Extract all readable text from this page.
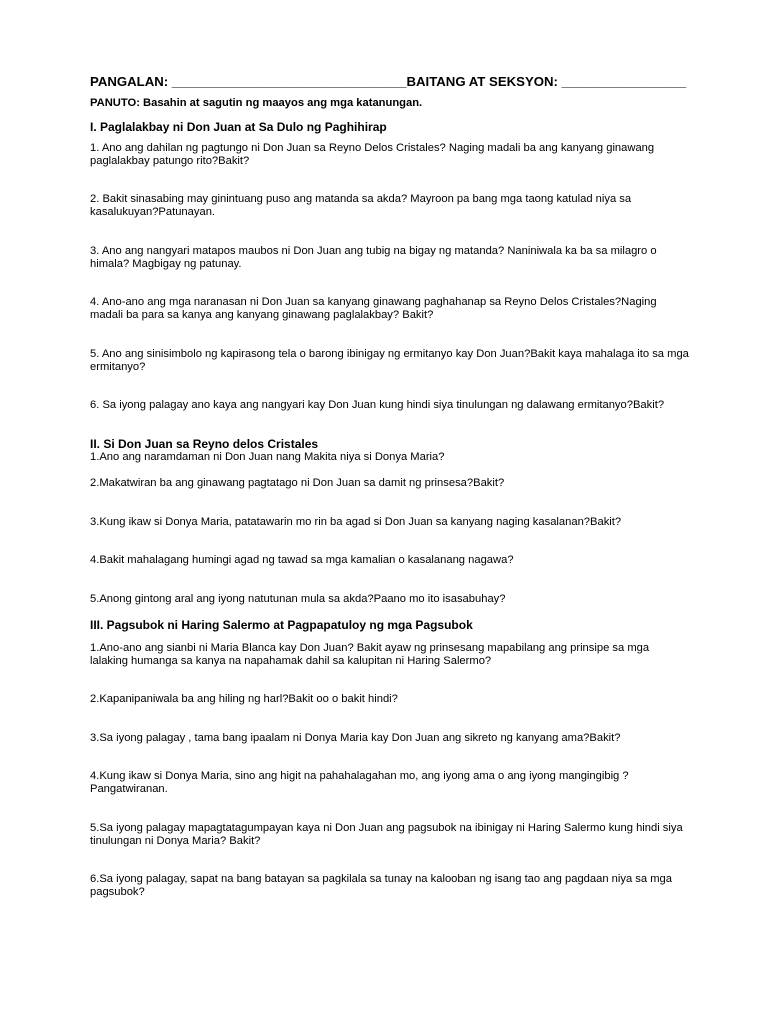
PANGALAN: ________________________________BAITANG AT SEKSYON: _________________
PANUTO: Basahin at sagutin ng maayos ang mga katanungan.
I. Paglalakbay ni Don Juan at Sa Dulo ng Paghihirap
1. Ano ang dahilan ng pagtungo ni Don Juan sa Reyno Delos Cristales? Naging madali ba ang kanyang ginawang paglalakbay patungo rito?Bakit?
2. Bakit sinasabing may ginintuang puso ang matanda sa akda? Mayroon pa bang mga taong katulad niya sa kasalukuyan?Patunayan.
3. Ano ang nangyari matapos maubos ni Don Juan ang tubig na bigay ng matanda? Naniniwala ka ba sa milagro o himala? Magbigay ng patunay.
4. Ano-ano ang mga naranasan ni Don Juan sa kanyang ginawang paghahanap sa Reyno Delos Cristales?Naging madali ba para sa kanya ang kanyang ginawang paglalakbay? Bakit?
5. Ano ang sinisimbolo ng kapirasong tela o barong ibinigay ng ermitanyo kay Don Juan?Bakit kaya mahalaga ito sa mga ermitanyo?
6. Sa iyong palagay ano kaya ang nangyari kay Don Juan kung hindi siya tinulungan ng dalawang ermitanyo?Bakit?
II. Si Don Juan sa Reyno delos Cristales
1.Ano ang naramdaman ni Don Juan nang Makita niya si Donya Maria?
2.Makatwiran ba ang ginawang pagtatago ni Don Juan sa damit ng prinsesa?Bakit?
3.Kung ikaw si Donya Maria, patatawarin mo rin ba agad si Don Juan sa kanyang naging kasalanan?Bakit?
4.Bakit mahalagang humingi agad ng tawad sa mga kamalian o kasalanang nagawa?
5.Anong gintong aral ang iyong natutunan mula sa akda?Paano mo ito isasabuhay?
III. Pagsubok ni Haring Salermo at Pagpapatuloy ng mga Pagsubok
1.Ano-ano ang sianbi ni Maria Blanca kay Don Juan? Bakit ayaw ng prinsesang mapabilang ang prinsipe sa mga lalaking humanga sa kanya na napahamak dahil sa kalupitan ni Haring Salermo?
2.Kapanipaniwala ba ang hiling ng harl?Bakit oo o bakit hindi?
3.Sa iyong palagay , tama bang ipaalam ni Donya Maria kay Don Juan ang sikreto ng kanyang ama?Bakit?
4.Kung ikaw si Donya Maria, sino ang higit na pahahalagahan mo, ang iyong ama o ang iyong mangingibig ? Pangatwiranan.
5.Sa iyong palagay mapagtatagumpayan kaya ni Don Juan ang pagsubok na ibinigay ni Haring Salermo kung hindi siya tinulungan ni Donya Maria? Bakit?
6.Sa iyong palagay, sapat na bang batayan sa pagkilala sa tunay na kalooban ng isang tao ang pagdaan niya sa mga pagsubok?
